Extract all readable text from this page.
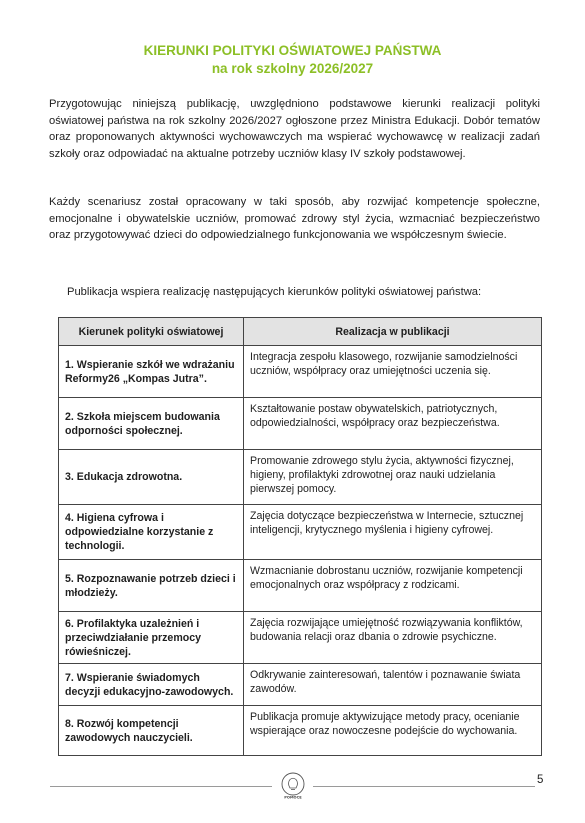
KIERUNKI POLITYKI OŚWIATOWEJ PAŃSTWA
na rok szkolny 2026/2027

Przygotowując niniejszą publikację, uwzględniono podstawowe kierunki realizacji polityki oświatowej państwa na rok szkolny 2026/2027 ogłoszone przez Ministra Edukacji. Dobór tematów oraz proponowanych aktywności wychowawczych ma wspierać wychowawcę w realizacji zadań szkoły oraz odpowiadać na aktualne potrzeby uczniów klasy IV szkoły podstawowej.

Każdy scenariusz został opracowany w taki sposób, aby rozwijać kompetencje społeczne, emocjonalne i obywatelskie uczniów, promować zdrowy styl życia, wzmacniać bezpieczeństwo oraz przygotowywać dzieci do odpowiedzialnego funkcjonowania we współczesnym świecie.

Publikacja wspiera realizację następujących kierunków polityki oświatowej państwa:
Kierunek polityki oświatowej	Realizacja w publikacji
1. Wspieranie szkół we wdrażaniu Reformy26 „Kompas Jutra”.	Integracja zespołu klasowego, rozwijanie samodzielności uczniów, współpracy oraz umiejętności uczenia się.
2. Szkoła miejscem budowania odporności społecznej.	Kształtowanie postaw obywatelskich, patriotycznych, odpowiedzialności, współpracy oraz bezpieczeństwa.
3. Edukacja zdrowotna.	Promowanie zdrowego stylu życia, aktywności fizycznej, higieny, profilaktyki zdrowotnej oraz nauki udzielania pierwszej pomocy.
4. Higiena cyfrowa i odpowiedzialne korzystanie z technologii.	Zajęcia dotyczące bezpieczeństwa w Internecie, sztucznej inteligencji, krytycznego myślenia i higieny cyfrowej.
5. Rozpoznawanie potrzeb dzieci i młodzieży.	Wzmacnianie dobrostanu uczniów, rozwijanie kompetencji emocjonalnych oraz współpracy z rodzicami.
6. Profilaktyka uzależnień i przeciwdziałanie przemocy rówieśniczej.	Zajęcia rozwijające umiejętność rozwiązywania konfliktów, budowania relacji oraz dbania o zdrowie psychiczne.
7. Wspieranie świadomych decyzji edukacyjno-zawodowych.	Odkrywanie zainteresowań, talentów i poznawanie świata zawodów.
8. Rozwój kompetencji zawodowych nauczycieli.	Publikacja promuje aktywizujące metody pracy, ocenianie wspierające oraz nowoczesne podejście do wychowania.
POMOCE
5
